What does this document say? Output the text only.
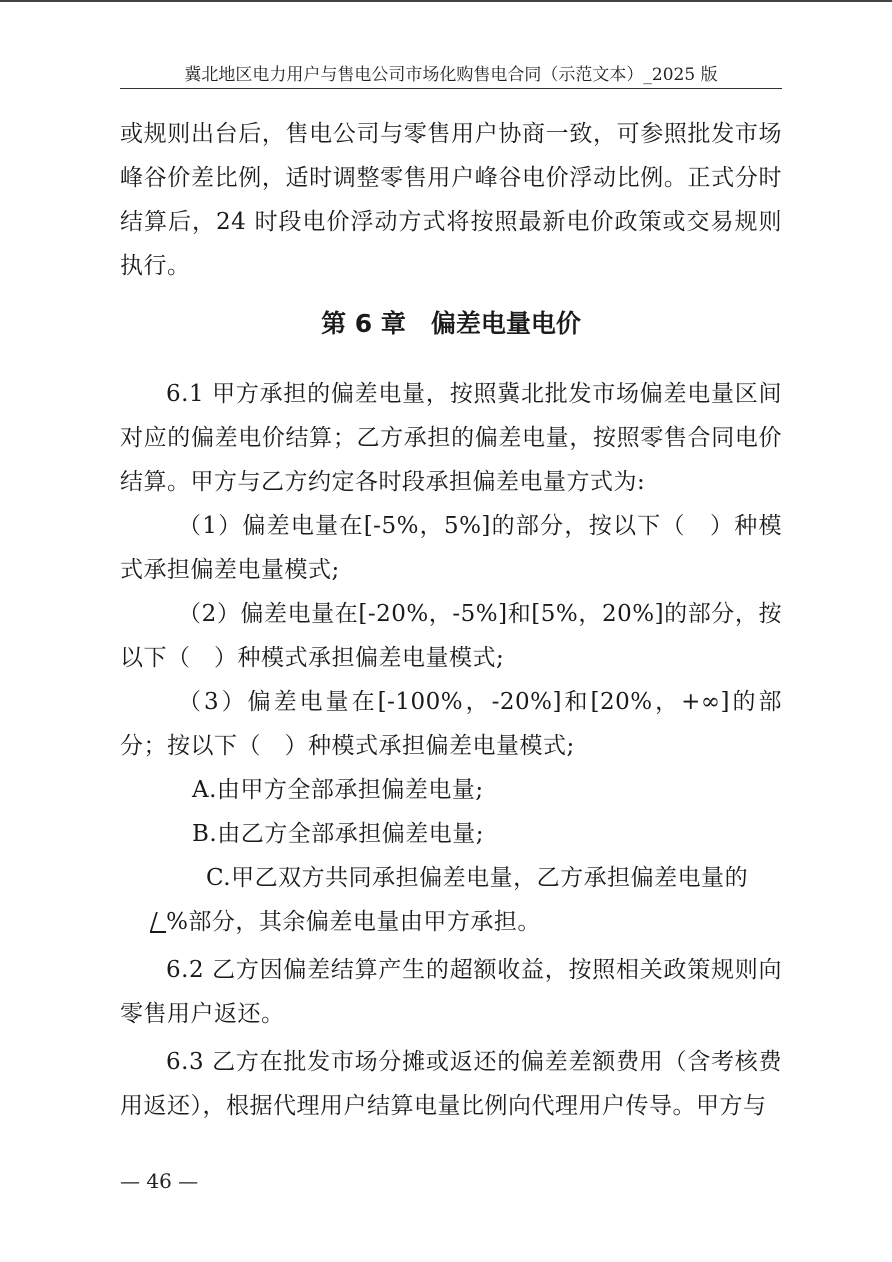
冀北地区电力用户与售电公司市场化购售电合同（示范文本）_2025 版

或规则出台后，售电公司与零售用户协商一致，可参照批发市场峰谷价差比例，适时调整零售用户峰谷电价浮动比例。正式分时结算后，24 时段电价浮动方式将按照最新电价政策或交易规则执行。

第 6 章　偏差电量电价

6.1 甲方承担的偏差电量，按照冀北批发市场偏差电量区间对应的偏差电价结算；乙方承担的偏差电量，按照零售合同电价结算。甲方与乙方约定各时段承担偏差电量方式为:

（1）偏差电量在[-5%，5%]的部分，按以下（　）种模式承担偏差电量模式;

（2）偏差电量在[-20%，-5%]和[5%，20%]的部分，按以下（　）种模式承担偏差电量模式;

（3）偏差电量在[-100%，-20%]和[20%，+∞]的部分；按以下（　）种模式承担偏差电量模式;

A.由甲方全部承担偏差电量;

B.由乙方全部承担偏差电量;

C.甲乙双方共同承担偏差电量，乙方承担偏差电量的

/ %部分，其余偏差电量由甲方承担。

6.2 乙方因偏差结算产生的超额收益，按照相关政策规则向零售用户返还。

6.3 乙方在批发市场分摊或返还的偏差差额费用（含考核费用返还），根据代理用户结算电量比例向代理用户传导。甲方与

— 46 —
